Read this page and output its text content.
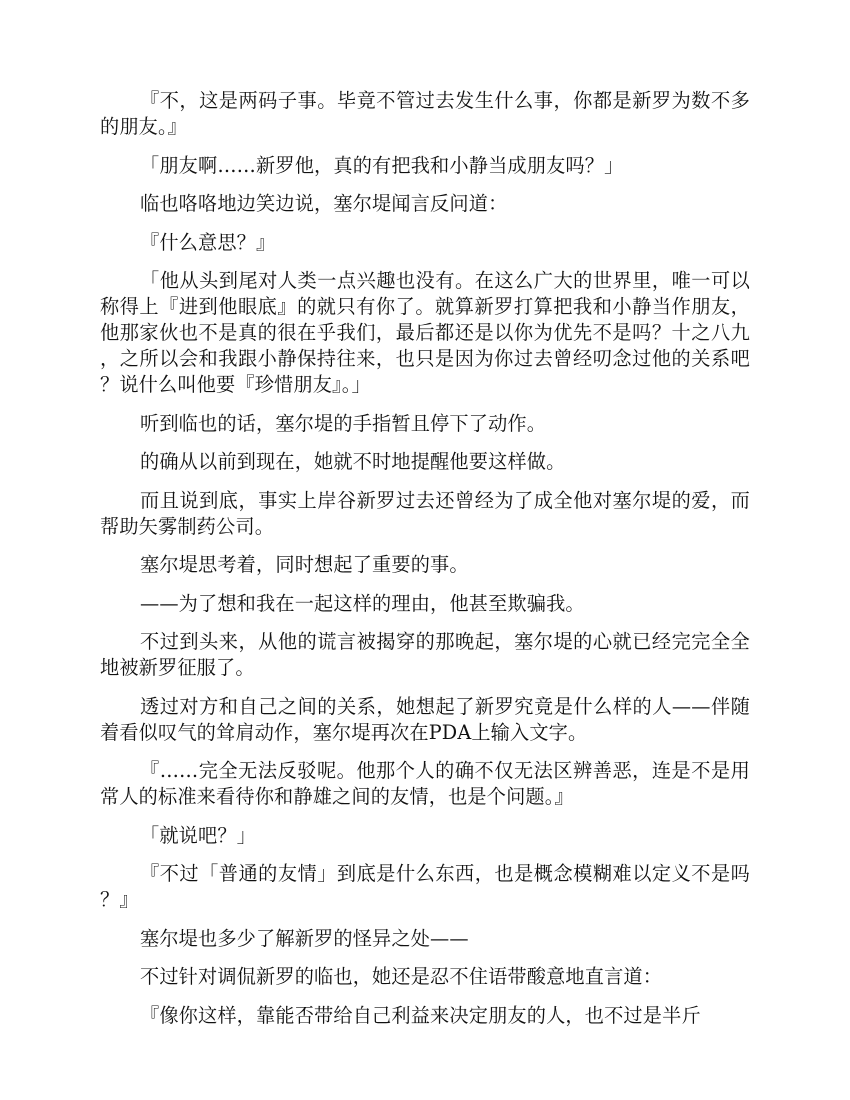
『不，这是两码子事。毕竟不管过去发生什么事，你都是新罗为数不多的朋友。』

「朋友啊……新罗他，真的有把我和小静当成朋友吗？」

临也咯咯地边笑边说，塞尔堤闻言反问道：

『什么意思？』

「他从头到尾对人类一点兴趣也没有。在这么广大的世界里，唯一可以称得上『进到他眼底』的就只有你了。就算新罗打算把我和小静当作朋友，他那家伙也不是真的很在乎我们，最后都还是以你为优先不是吗？十之八九，之所以会和我跟小静保持往来，也只是因为你过去曾经叨念过他的关系吧？说什么叫他要『珍惜朋友』。」

听到临也的话，塞尔堤的手指暂且停下了动作。

的确从以前到现在，她就不时地提醒他要这样做。

而且说到底，事实上岸谷新罗过去还曾经为了成全他对塞尔堤的爱，而帮助矢雾制药公司。

塞尔堤思考着，同时想起了重要的事。

——为了想和我在一起这样的理由，他甚至欺骗我。

不过到头来，从他的谎言被揭穿的那晚起，塞尔堤的心就已经完完全全地被新罗征服了。

透过对方和自己之间的关系，她想起了新罗究竟是什么样的人——伴随着看似叹气的耸肩动作，塞尔堤再次在PDA上输入文字。

『……完全无法反驳呢。他那个人的确不仅无法区辨善恶，连是不是用常人的标准来看待你和静雄之间的友情，也是个问题。』

「就说吧？」

『不过「普通的友情」到底是什么东西，也是概念模糊难以定义不是吗？』

塞尔堤也多少了解新罗的怪异之处——

不过针对调侃新罗的临也，她还是忍不住语带酸意地直言道：

『像你这样，靠能否带给自己利益来决定朋友的人，也不过是半斤
